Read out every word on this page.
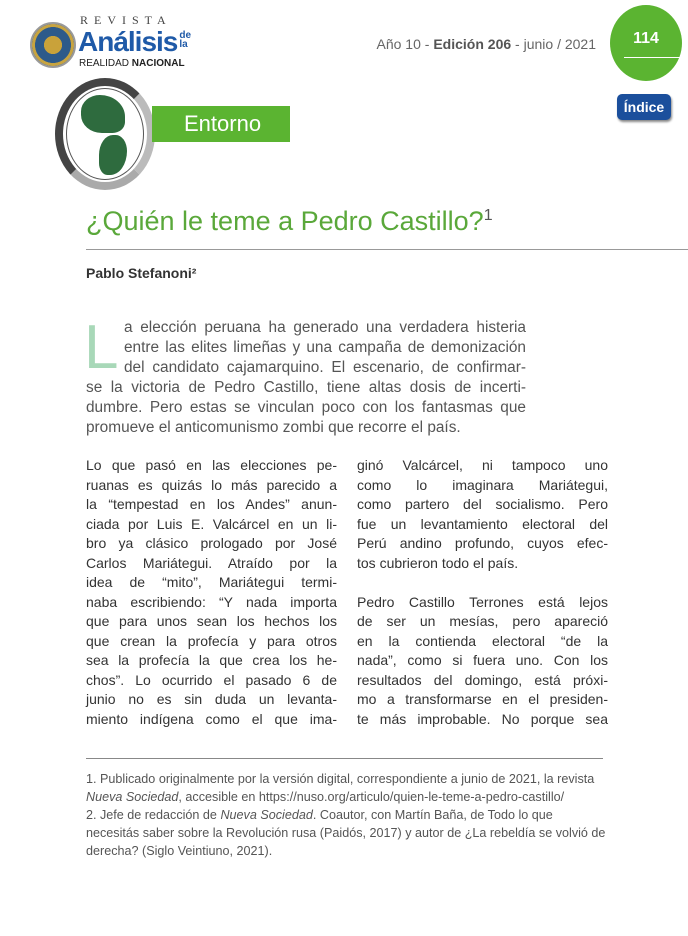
REVISTA
Análisis de la
REALIDAD NACIONAL
Año 10 - Edición 206 - junio / 2021	114
Índice
Entorno
¿Quién le teme a Pedro Castillo?$^1$
Pablo Stefanoni²
L a elección peruana ha generado una verdadera histeria
entre las elites limeñas y una campaña de demonización
del candidato cajamarquino. El escenario, de confirmar-
se la victoria de Pedro Castillo, tiene altas dosis de incerti-
dumbre. Pero estas se vinculan poco con los fantasmas que
promueve el anticomunismo zombi que recorre el país.
Lo que pasó en las elecciones pe-
ruanas es quizás lo más parecido a
la “tempestad en los Andes” anun-
ciada por Luis E. Valcárcel en un li-
bro ya clásico prologado por José
Carlos Mariátegui. Atraído por la
idea de “mito”, Mariátegui termi-
naba escribiendo: “Y nada importa
que para unos sean los hechos los
que crean la profecía y para otros
sea la profecía la que crea los he-
chos”. Lo ocurrido el pasado 6 de
junio no es sin duda un levanta-
miento indígena como el que ima-
ginó Valcárcel, ni tampoco uno
como lo imaginara Mariátegui,
como partero del socialismo. Pero
fue un levantamiento electoral del
Perú andino profundo, cuyos efec-
tos cubrieron todo el país.
Pedro Castillo Terrones está lejos
de ser un mesías, pero apareció
en la contienda electoral “de la
nada”, como si fuera uno. Con los
resultados del domingo, está próxi-
mo a transformarse en el presiden-
te más improbable. No porque sea
1. Publicado originalmente por la versión digital, correspondiente a junio de 2021, la revista Nueva Sociedad, accesible en https://nuso.org/articulo/quien-le-teme-a-pedro-castillo/
2. Jefe de redacción de Nueva Sociedad. Coautor, con Martín Baña, de Todo lo que necesitás saber sobre la Revolución rusa (Paidós, 2017) y autor de ¿La rebeldía se volvió de derecha? (Siglo Veintiuno, 2021).
